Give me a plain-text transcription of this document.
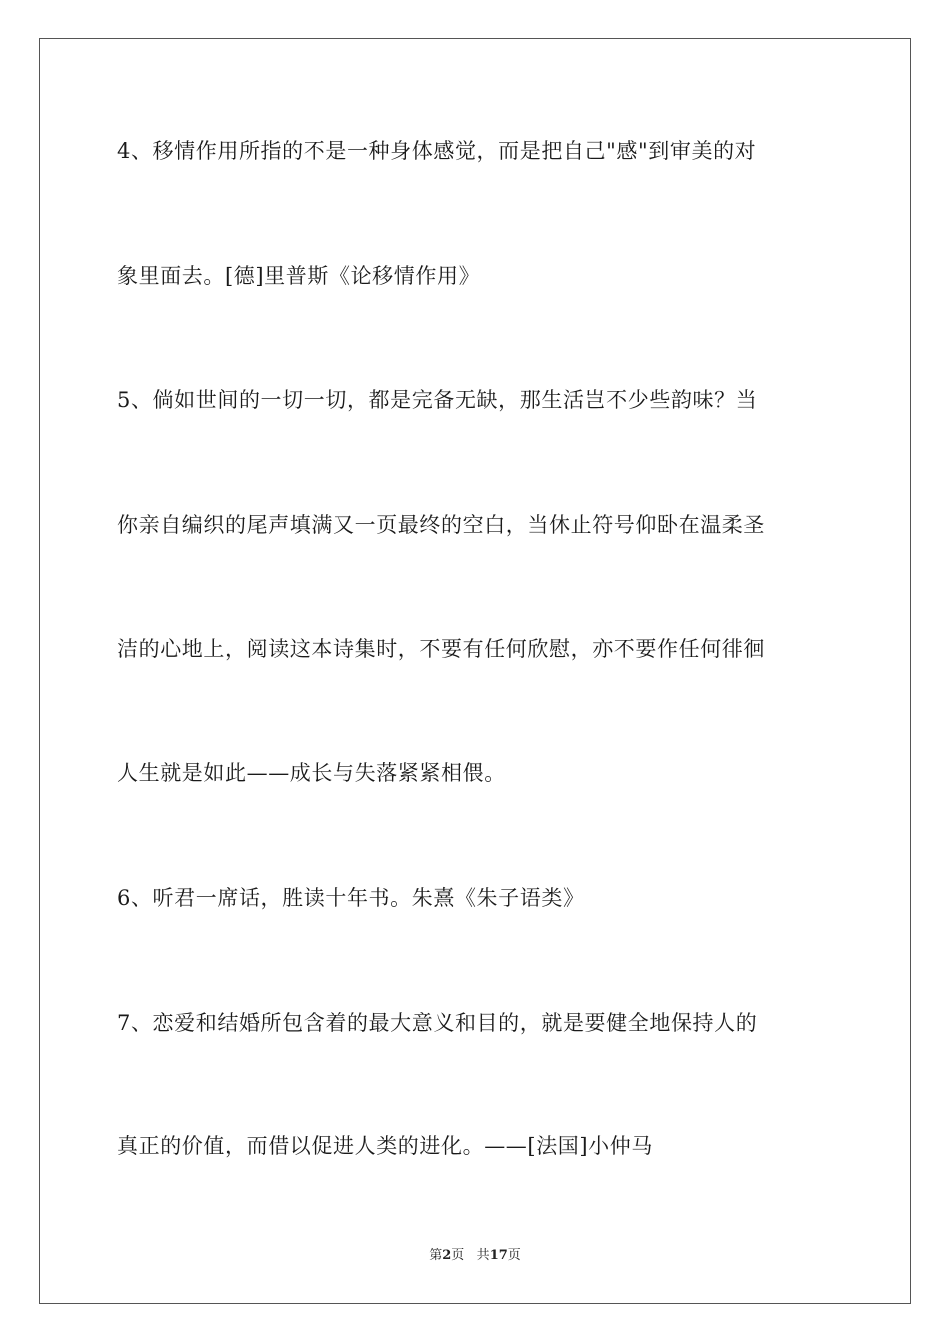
4、移情作用所指的不是一种身体感觉，而是把自己"感"到审美的对
象里面去。[德]里普斯《论移情作用》
5、倘如世间的一切一切，都是完备无缺，那生活岂不少些韵味？当
你亲自编织的尾声填满又一页最终的空白，当休止符号仰卧在温柔圣
洁的心地上，阅读这本诗集时，不要有任何欣慰，亦不要作任何徘徊
人生就是如此——成长与失落紧紧相偎。
6、听君一席话，胜读十年书。朱熹《朱子语类》
7、恋爱和结婚所包含着的最大意义和目的，就是要健全地保持人的
真正的价值，而借以促进人类的进化。——[法国]小仲马
第2页 共17页
